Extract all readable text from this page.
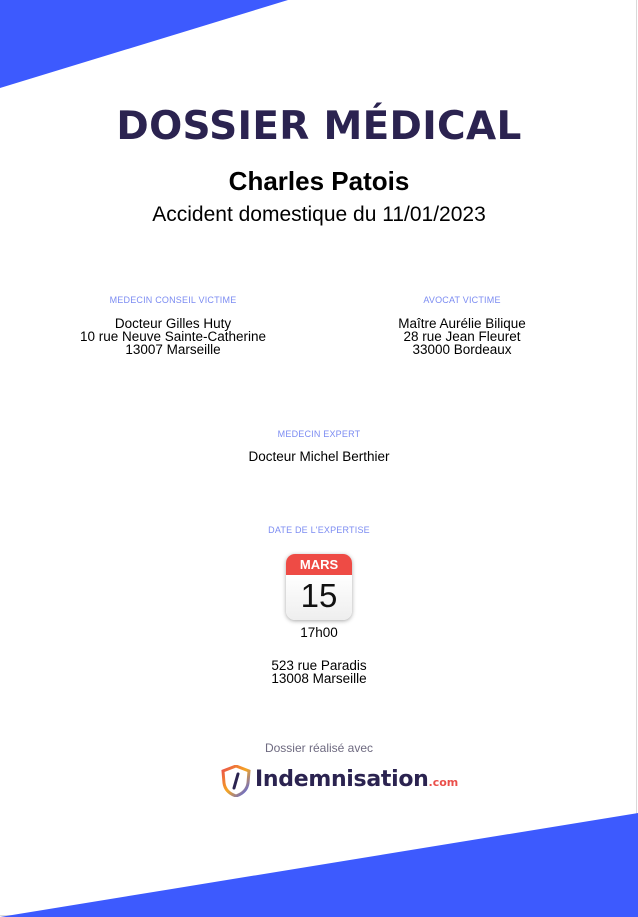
DOSSIER MÉDICAL
Charles Patois
Accident domestique du 11/01/2023
MEDECIN CONSEIL VICTIME
Docteur Gilles Huty
10 rue Neuve Sainte-Catherine
13007 Marseille
AVOCAT VICTIME
Maître Aurélie Bilique
28 rue Jean Fleuret
33000 Bordeaux
MEDECIN EXPERT
Docteur Michel Berthier
DATE DE L'EXPERTISE
MARS
15
17h00
523 rue Paradis
13008 Marseille
Dossier réalisé avec
Indemnisation.com
